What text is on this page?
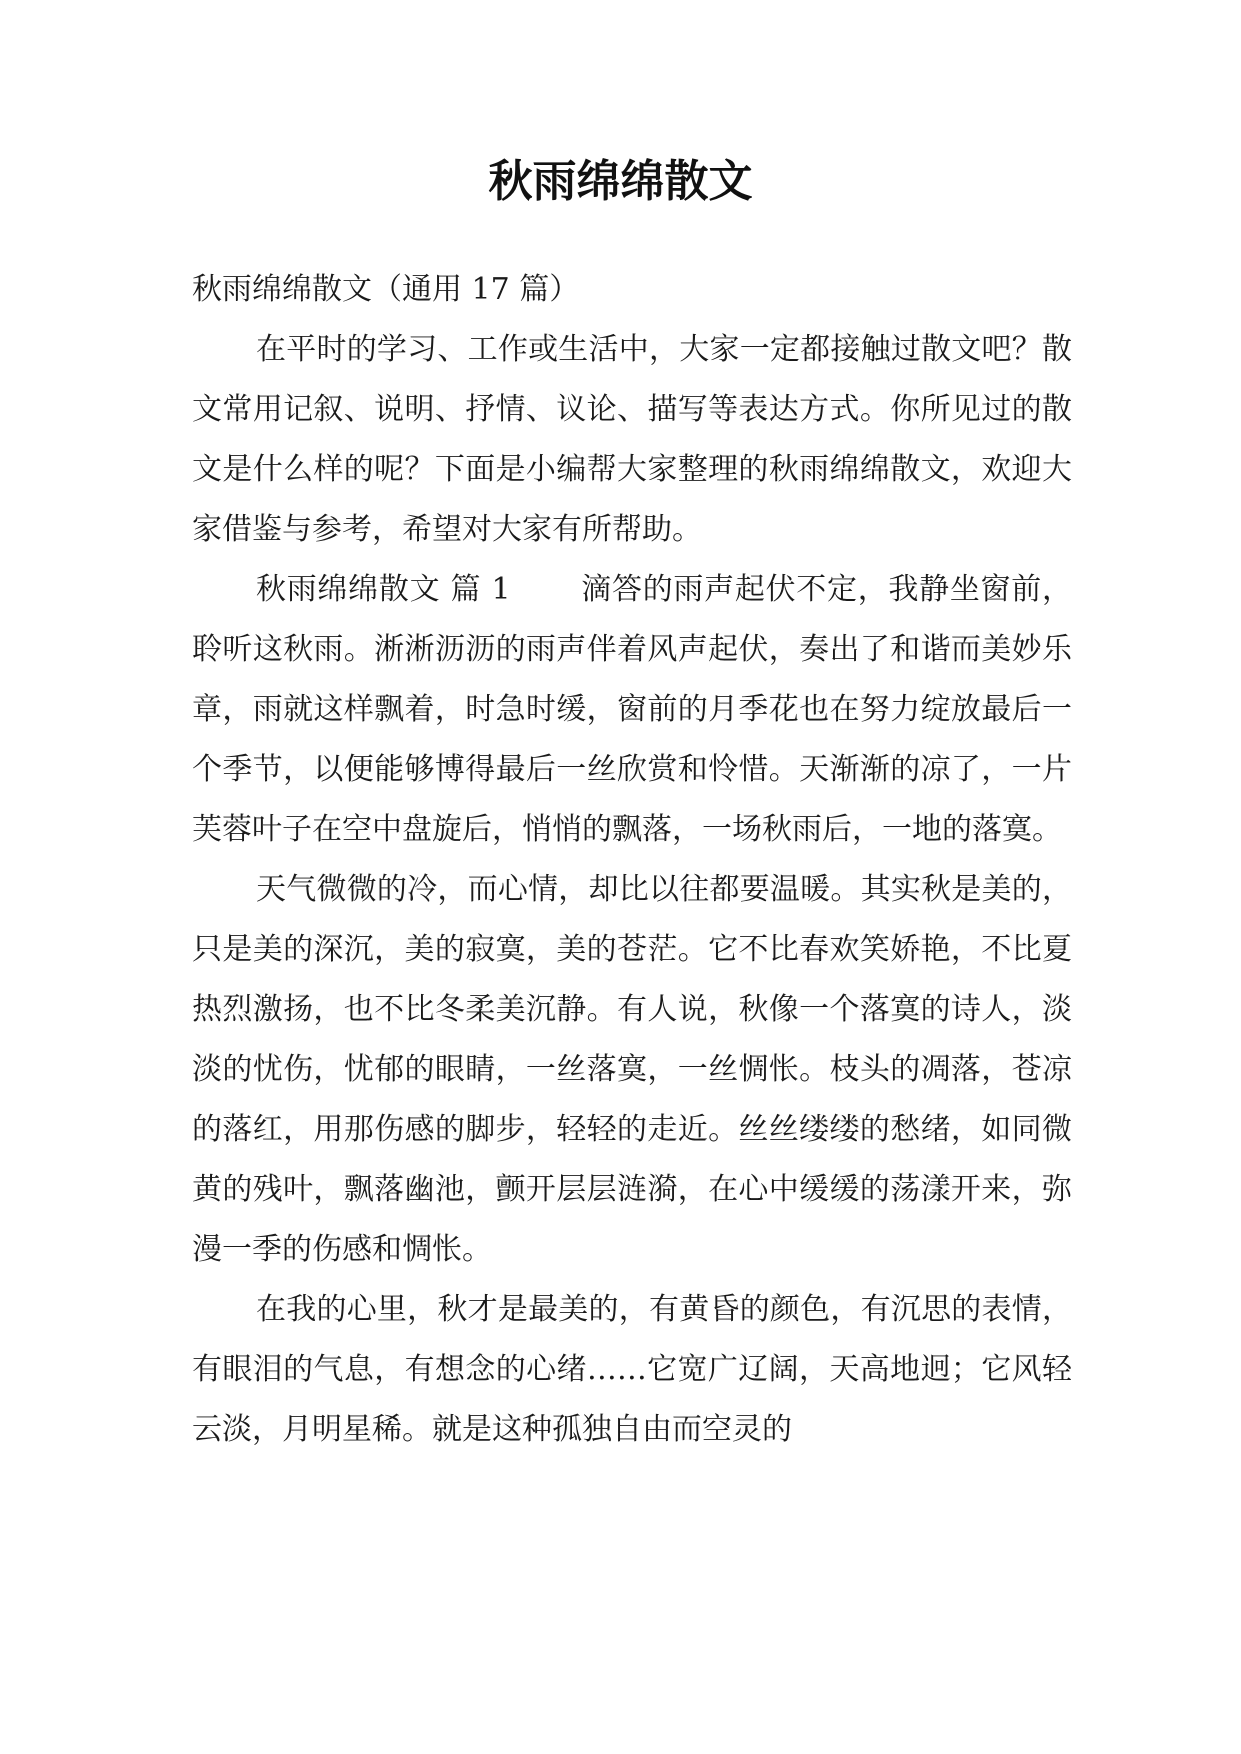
秋雨绵绵散文

秋雨绵绵散文（通用 17 篇）

在平时的学习、工作或生活中，大家一定都接触过散文吧？散文常用记叙、说明、抒情、议论、描写等表达方式。你所见过的散文是什么样的呢？下面是小编帮大家整理的秋雨绵绵散文，欢迎大家借鉴与参考，希望对大家有所帮助。

秋雨绵绵散文 篇 1 滴答的雨声起伏不定，我静坐窗前，聆听这秋雨。淅淅沥沥的雨声伴着风声起伏，奏出了和谐而美妙乐章，雨就这样飘着，时急时缓，窗前的月季花也在努力绽放最后一个季节，以便能够博得最后一丝欣赏和怜惜。天渐渐的凉了，一片芙蓉叶子在空中盘旋后，悄悄的飘落，一场秋雨后，一地的落寞。

天气微微的冷，而心情，却比以往都要温暖。其实秋是美的，只是美的深沉，美的寂寞，美的苍茫。它不比春欢笑娇艳，不比夏热烈激扬，也不比冬柔美沉静。有人说，秋像一个落寞的诗人，淡淡的忧伤，忧郁的眼睛，一丝落寞，一丝惆怅。枝头的凋落，苍凉的落红，用那伤感的脚步，轻轻的走近。丝丝缕缕的愁绪，如同微黄的残叶，飘落幽池，颤开层层涟漪，在心中缓缓的荡漾开来，弥漫一季的伤感和惆怅。

在我的心里，秋才是最美的，有黄昏的颜色，有沉思的表情，有眼泪的气息，有想念的心绪……它宽广辽阔，天高地迥；它风轻云淡，月明星稀。就是这种孤独自由而空灵的
